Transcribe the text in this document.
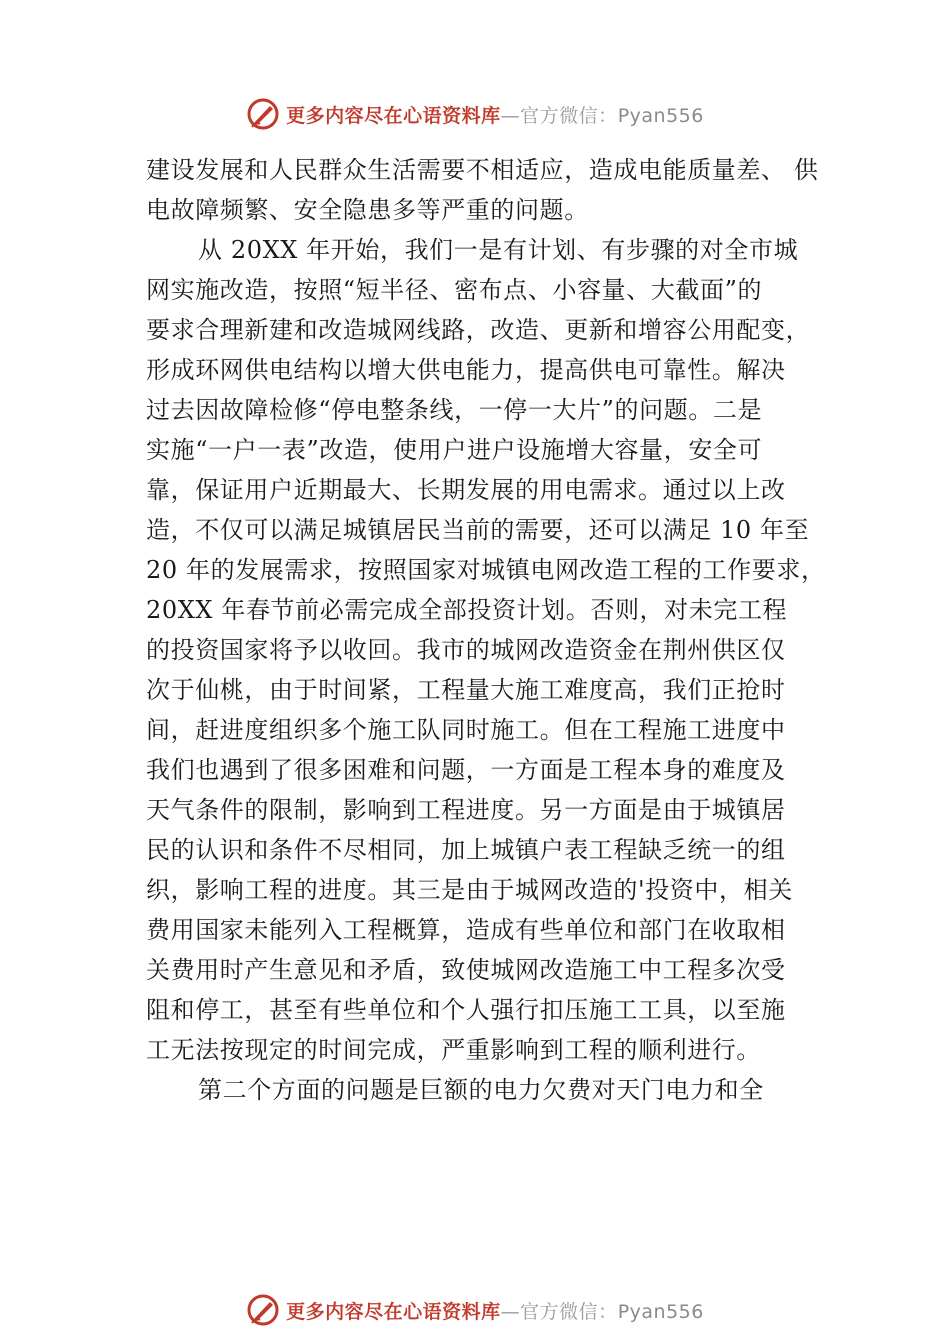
更多内容尽在心语资料库—官方微信：Pyan556
建设发展和人民群众生活需要不相适应，造成电能质量差、 供
电故障频繁、安全隐患多等严重的问题。
从 20XX 年开始，我们一是有计划、有步骤的对全市城
网实施改造，按照“短半径、密布点、小容量、大截面”的
要求合理新建和改造城网线路，改造、更新和增容公用配变，
形成环网供电结构以增大供电能力，提高供电可靠性。解决
过去因故障检修“停电整条线，一停一大片”的问题。二是
实施“一户一表”改造，使用户进户设施增大容量，安全可
靠，保证用户近期最大、长期发展的用电需求。通过以上改
造，不仅可以满足城镇居民当前的需要，还可以满足 10 年至
20 年的发展需求，按照国家对城镇电网改造工程的工作要求，
20XX 年春节前必需完成全部投资计划。否则，对未完工程
的投资国家将予以收回。我市的城网改造资金在荆州供区仅
次于仙桃，由于时间紧，工程量大施工难度高，我们正抢时
间，赶进度组织多个施工队同时施工。但在工程施工进度中
我们也遇到了很多困难和问题，一方面是工程本身的难度及
天气条件的限制，影响到工程进度。另一方面是由于城镇居
民的认识和条件不尽相同，加上城镇户表工程缺乏统一的组
织，影响工程的进度。其三是由于城网改造的'投资中，相关
费用国家未能列入工程概算，造成有些单位和部门在收取相
关费用时产生意见和矛盾，致使城网改造施工中工程多次受
阻和停工，甚至有些单位和个人强行扣压施工工具，以至施
工无法按现定的时间完成，严重影响到工程的顺利进行。
第二个方面的问题是巨额的电力欠费对天门电力和全
更多内容尽在心语资料库—官方微信：Pyan556
